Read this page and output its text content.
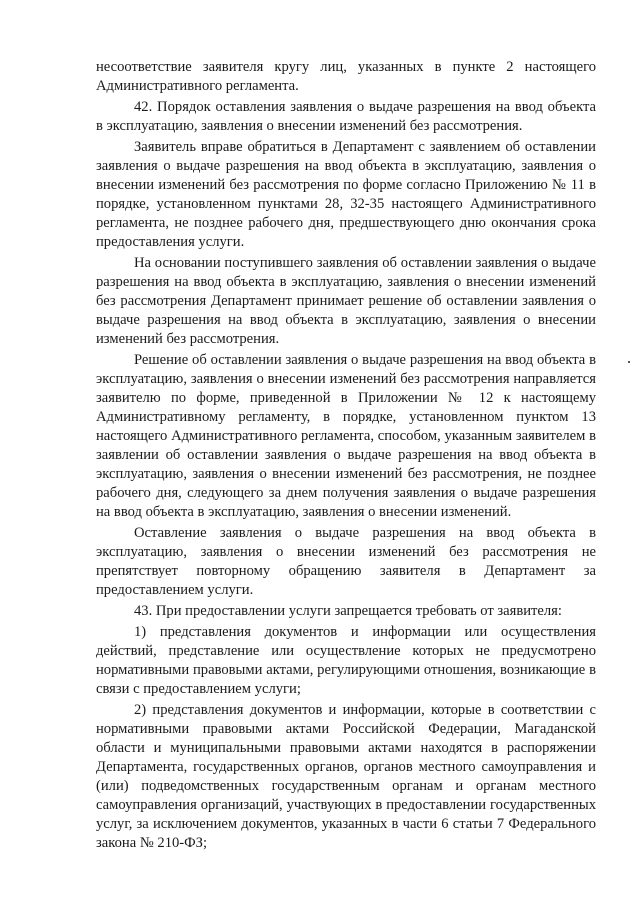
несоответствие заявителя кругу лиц, указанных в пункте 2 настоящего Административного регламента.

42. Порядок оставления заявления о выдаче разрешения на ввод объекта в эксплуатацию, заявления о внесении изменений без рассмотрения.

Заявитель вправе обратиться в Департамент с заявлением об оставлении заявления о выдаче разрешения на ввод объекта в эксплуатацию, заявления о внесении изменений без рассмотрения по форме согласно Приложению № 11 в порядке, установленном пунктами 28, 32-35 настоящего Административного регламента, не позднее рабочего дня, предшествующего дню окончания срока предоставления услуги.

На основании поступившего заявления об оставлении заявления о выдаче разрешения на ввод объекта в эксплуатацию, заявления о внесении изменений без рассмотрения Департамент принимает решение об оставлении заявления о выдаче разрешения на ввод объекта в эксплуатацию, заявления о внесении изменений без рассмотрения.

Решение об оставлении заявления о выдаче разрешения на ввод объекта в эксплуатацию, заявления о внесении изменений без рассмотрения направляется заявителю по форме, приведенной в Приложении № 12 к настоящему Административному регламенту, в порядке, установленном пунктом 13 настоящего Административного регламента, способом, указанным заявителем в заявлении об оставлении заявления о выдаче разрешения на ввод объекта в эксплуатацию, заявления о внесении изменений без рассмотрения, не позднее рабочего дня, следующего за днем получения заявления о выдаче разрешения на ввод объекта в эксплуатацию, заявления о внесении изменений.

Оставление заявления о выдаче разрешения на ввод объекта в эксплуатацию, заявления о внесении изменений без рассмотрения не препятствует повторному обращению заявителя в Департамент за предоставлением услуги.

43. При предоставлении услуги запрещается требовать от заявителя:

1) представления документов и информации или осуществления действий, представление или осуществление которых не предусмотрено нормативными правовыми актами, регулирующими отношения, возникающие в связи с предоставлением услуги;

2) представления документов и информации, которые в соответствии с нормативными правовыми актами Российской Федерации, Магаданской области и муниципальными правовыми актами находятся в распоряжении Департамента, государственных органов, органов местного самоуправления и (или) подведомственных государственным органам и органам местного самоуправления организаций, участвующих в предоставлении государственных услуг, за исключением документов, указанных в части 6 статьи 7 Федерального закона № 210-ФЗ;
